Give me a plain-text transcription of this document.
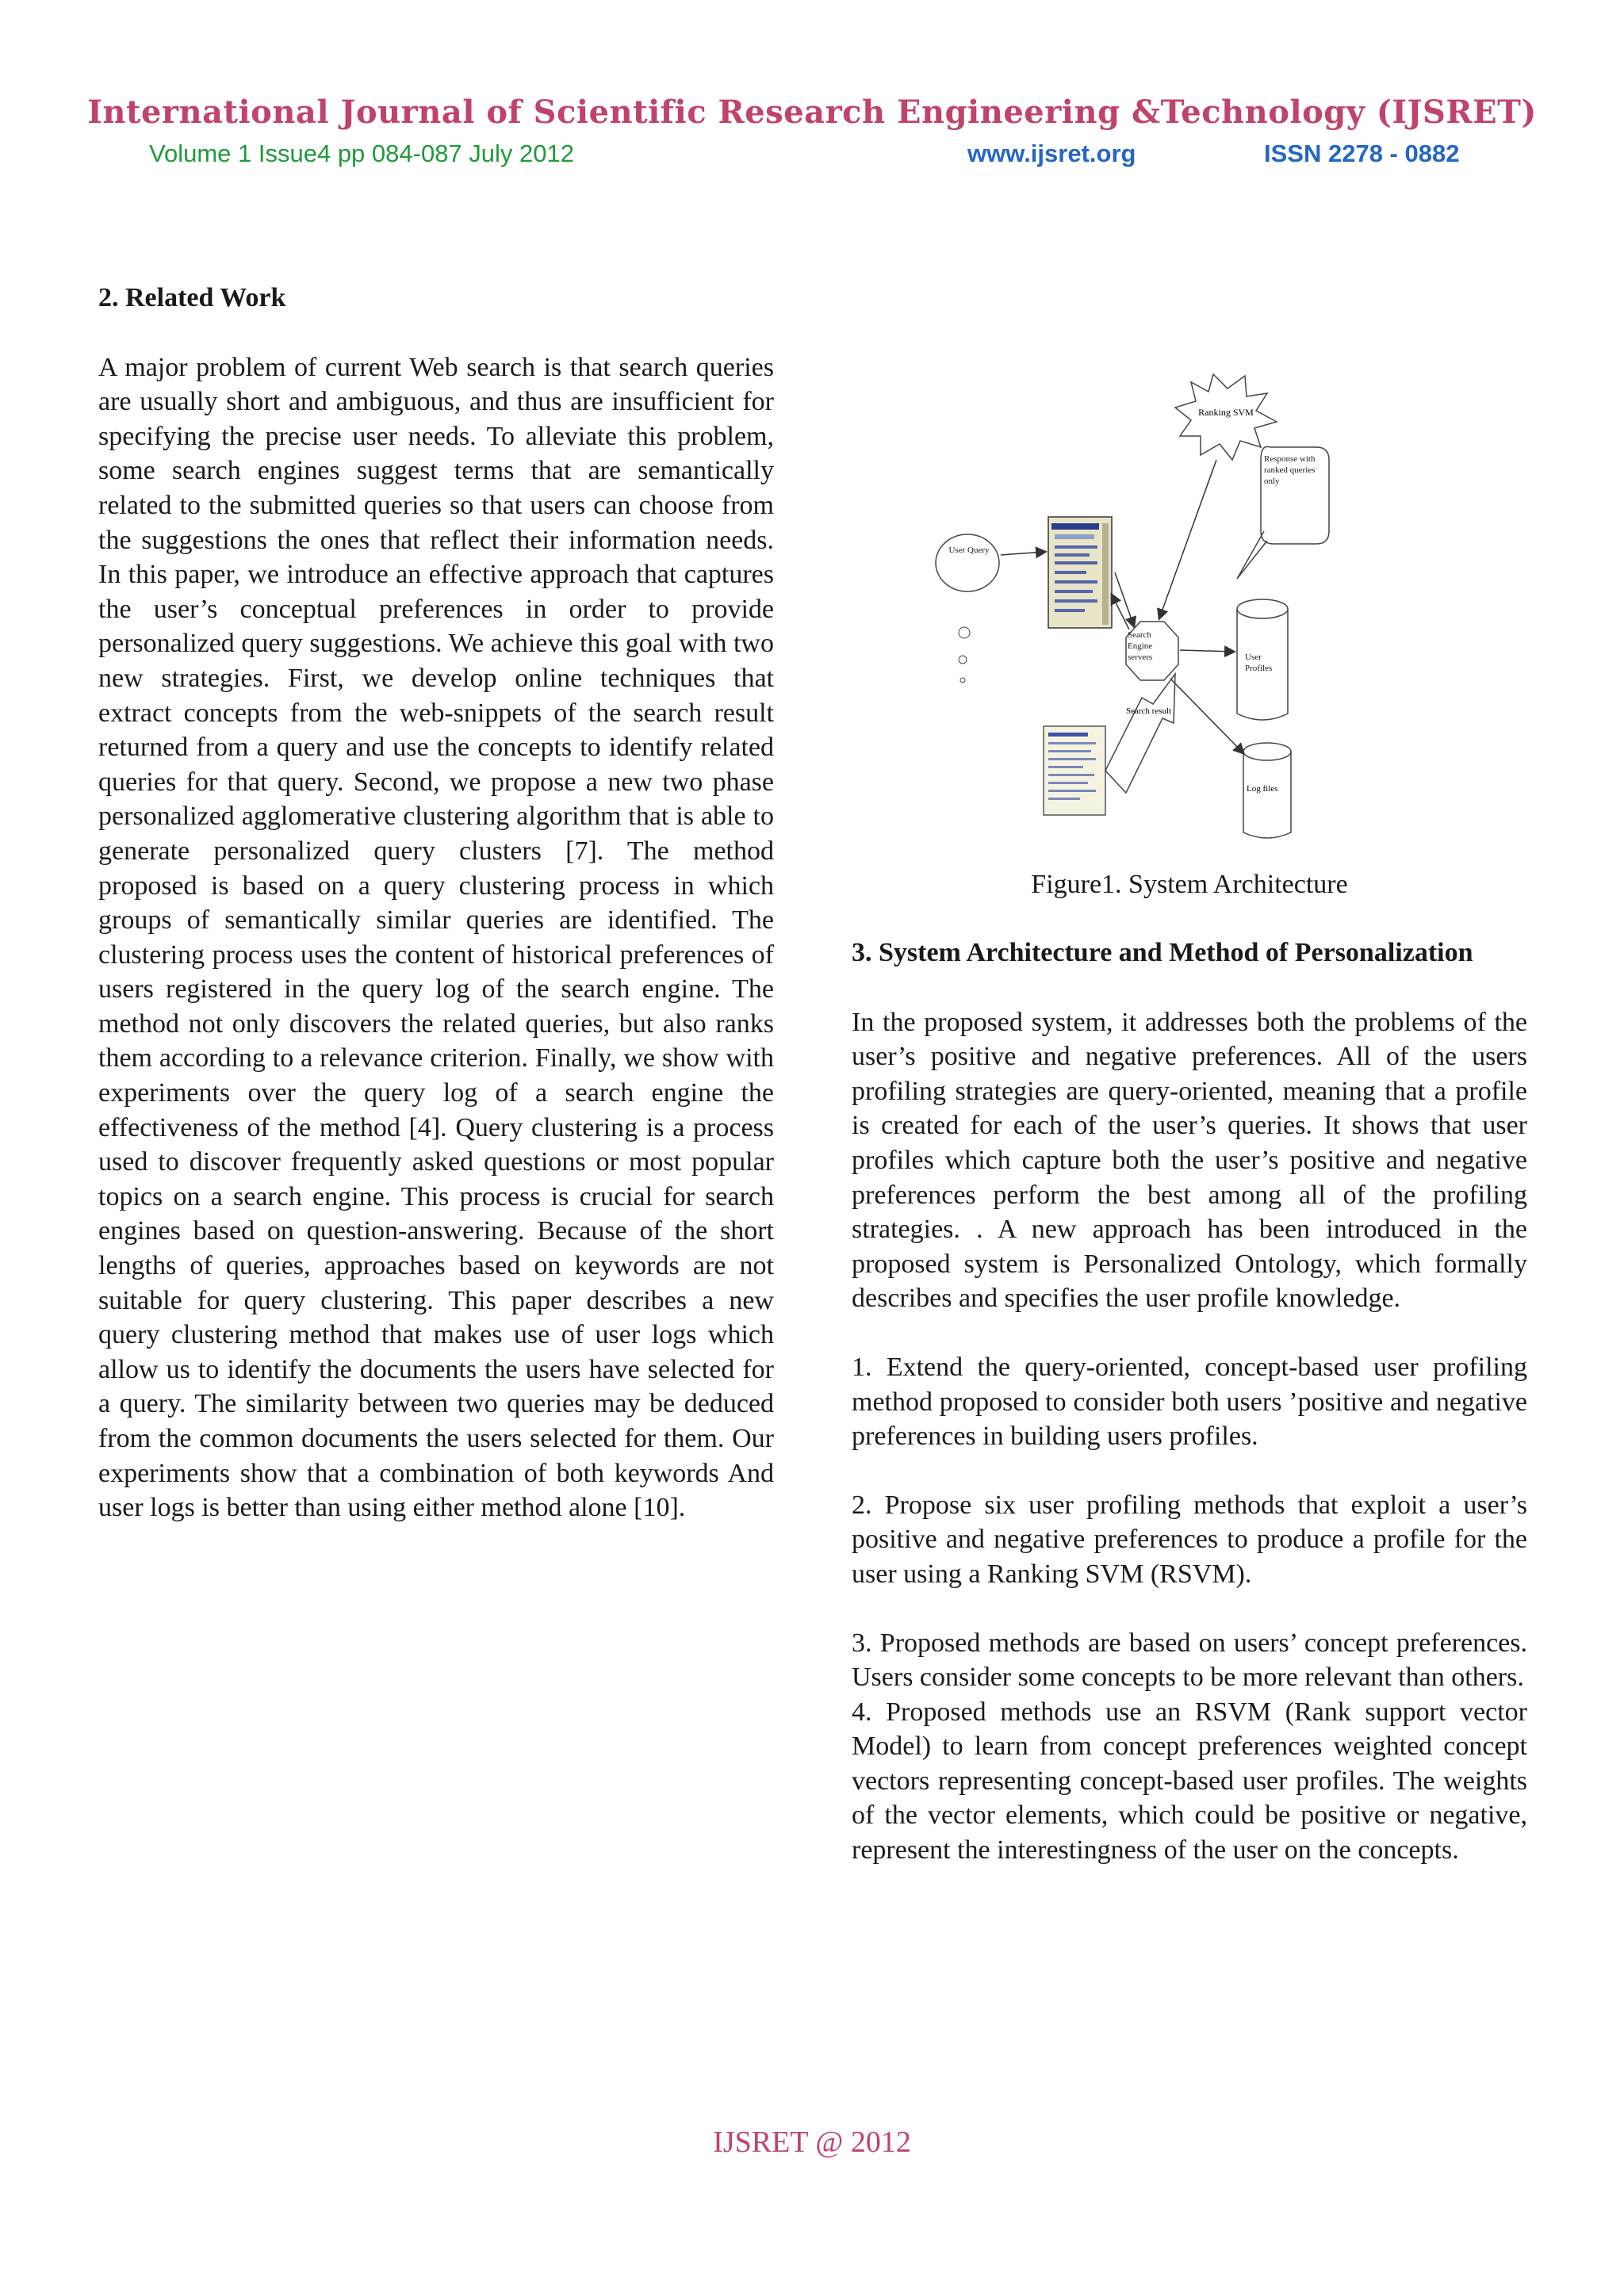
International Journal of Scientific Research Engineering &Technology (IJSRET)
Volume 1 Issue4 pp 084-087 July 2012	www.ijsret.org	ISSN 2278 - 0882

2. Related Work

A major problem of current Web search is that search queries are usually short and ambiguous, and thus are insufficient for specifying the precise user needs. To alleviate this problem, some search engines suggest terms that are semantically related to the submitted queries so that users can choose from the suggestions the ones that reflect their information needs. In this paper, we introduce an effective approach that captures the user’s conceptual preferences in order to provide personalized query suggestions. We achieve this goal with two new strategies. First, we develop online techniques that extract concepts from the web-snippets of the search result returned from a query and use the concepts to identify related queries for that query. Second, we propose a new two phase personalized agglomerative clustering algorithm that is able to generate personalized query clusters [7]. The method proposed is based on a query clustering process in which groups of semantically similar queries are identified. The clustering process uses the content of historical preferences of users registered in the query log of the search engine. The method not only discovers the related queries, but also ranks them according to a relevance criterion. Finally, we show with experiments over the query log of a search engine the effectiveness of the method [4]. Query clustering is a process used to discover frequently asked questions or most popular topics on a search engine. This process is crucial for search engines based on question-answering. Because of the short lengths of queries, approaches based on keywords are not suitable for query clustering. This paper describes a new query clustering method that makes use of user logs which allow us to identify the documents the users have selected for a query. The similarity between two queries may be deduced from the common documents the users selected for them. Our experiments show that a combination of both keywords And user logs is better than using either method alone [10].

Ranking SVM
Response with ranked queries only
User Query
Search Engine servers	User Profiles
Log files
Search result
Figure1. System Architecture

3. System Architecture and Method of Personalization

In the proposed system, it addresses both the problems of the user’s positive and negative preferences. All of the users profiling strategies are query-oriented, meaning that a profile is created for each of the user’s queries. It shows that user profiles which capture both the user’s positive and negative preferences perform the best among all of the profiling strategies. . A new approach has been introduced in the proposed system is Personalized Ontology, which formally describes and specifies the user profile knowledge.

1. Extend the query-oriented, concept-based user profiling method proposed to consider both users ’positive and negative preferences in building users profiles.

2. Propose six user profiling methods that exploit a user’s positive and negative preferences to produce a profile for the user using a Ranking SVM (RSVM).

3. Proposed methods are based on users’ concept preferences. Users consider some concepts to be more relevant than others.

4. Proposed methods use an RSVM (Rank support vector Model) to learn from concept preferences weighted concept vectors representing concept-based user profiles. The weights of the vector elements, which could be positive or negative, represent the interestingness of the user on the concepts.

IJSRET @ 2012
